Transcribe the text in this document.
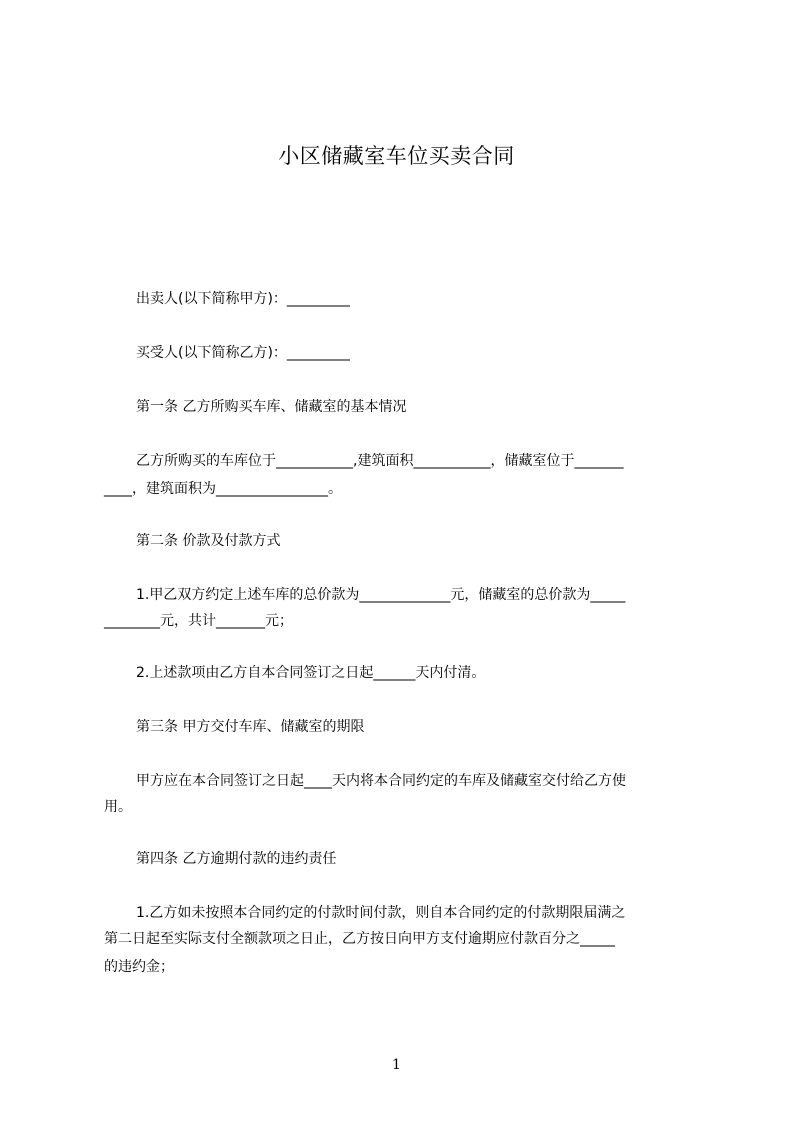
小区储藏室车位买卖合同
出卖人(以下简称甲方)：_________
买受人(以下简称乙方)：_________
第一条 乙方所购买车库、储藏室的基本情况
乙方所购买的车库位于___________,建筑面积___________，储藏室位于_______
____，建筑面积为________________。
第二条 价款及付款方式
1.甲乙双方约定上述车库的总价款为_____________元，储藏室的总价款为_____
________元，共计_______元；
2.上述款项由乙方自本合同签订之日起______天内付清。
第三条 甲方交付车库、储藏室的期限
甲方应在本合同签订之日起____天内将本合同约定的车库及储藏室交付给乙方使
用。
第四条 乙方逾期付款的违约责任
1.乙方如未按照本合同约定的付款时间付款，则自本合同约定的付款期限届满之
第二日起至实际支付全额款项之日止，乙方按日向甲方支付逾期应付款百分之_____
的违约金；
1
